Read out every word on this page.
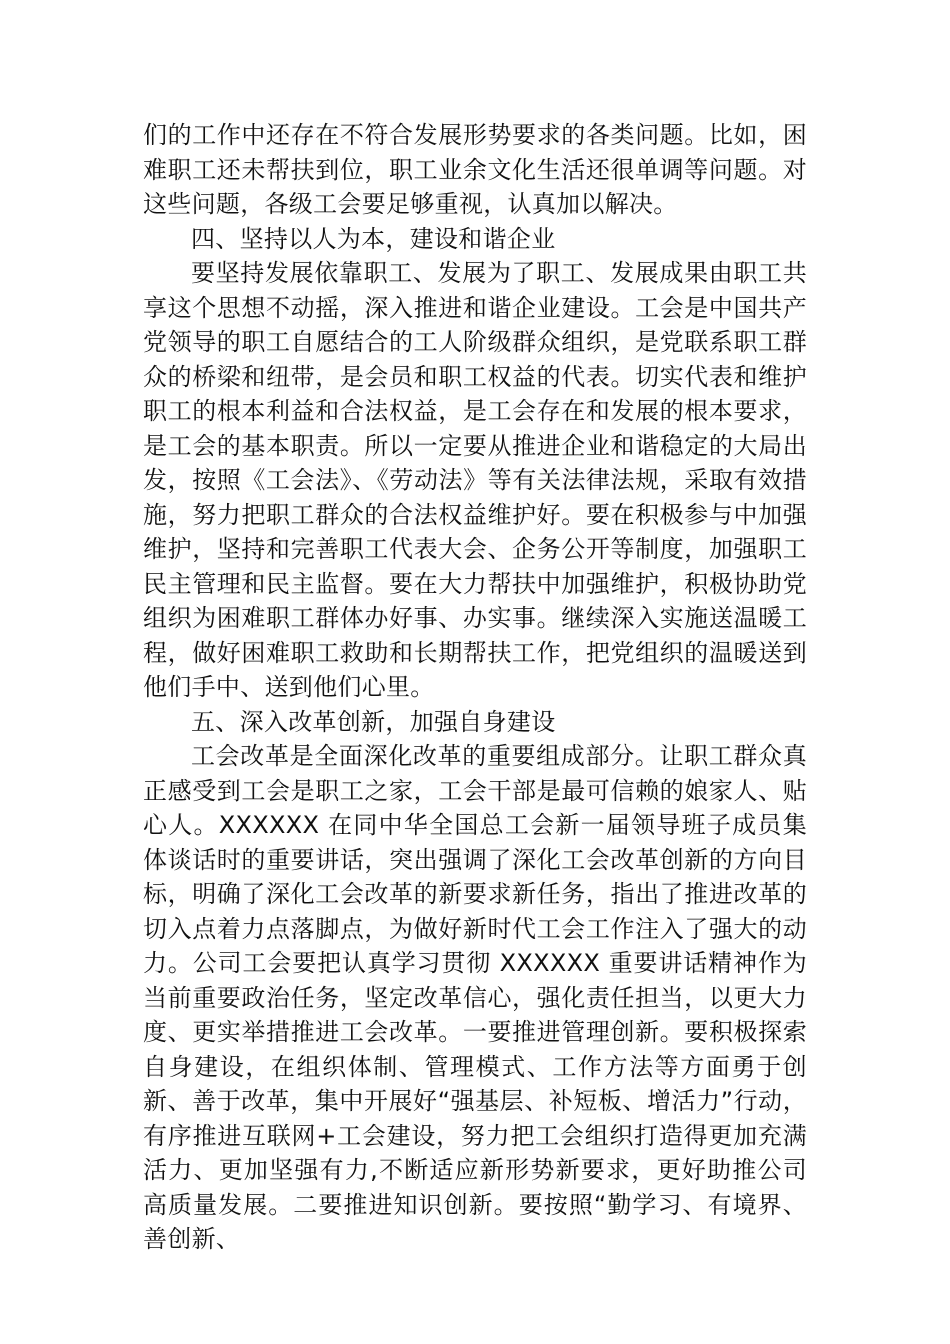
们的工作中还存在不符合发展形势要求的各类问题。比如，困难职工还未帮扶到位，职工业余文化生活还很单调等问题。对这些问题，各级工会要足够重视，认真加以解决。

四、坚持以人为本，建设和谐企业

要坚持发展依靠职工、发展为了职工、发展成果由职工共享这个思想不动摇，深入推进和谐企业建设。工会是中国共产党领导的职工自愿结合的工人阶级群众组织，是党联系职工群众的桥梁和纽带，是会员和职工权益的代表。切实代表和维护职工的根本利益和合法权益，是工会存在和发展的根本要求，是工会的基本职责。所以一定要从推进企业和谐稳定的大局出发，按照《工会法》、《劳动法》等有关法律法规，采取有效措施，努力把职工群众的合法权益维护好。要在积极参与中加强维护，坚持和完善职工代表大会、企务公开等制度，加强职工民主管理和民主监督。要在大力帮扶中加强维护，积极协助党组织为困难职工群体办好事、办实事。继续深入实施送温暖工程，做好困难职工救助和长期帮扶工作，把党组织的温暖送到他们手中、送到他们心里。

五、深入改革创新，加强自身建设

工会改革是全面深化改革的重要组成部分。让职工群众真正感受到工会是职工之家，工会干部是最可信赖的娘家人、贴心人。XXXXXX 在同中华全国总工会新一届领导班子成员集体谈话时的重要讲话，突出强调了深化工会改革创新的方向目标，明确了深化工会改革的新要求新任务，指出了推进改革的切入点着力点落脚点，为做好新时代工会工作注入了强大的动力。公司工会要把认真学习贯彻 XXXXXX 重要讲话精神作为当前重要政治任务，坚定改革信心，强化责任担当，以更大力度、更实举措推进工会改革。一要推进管理创新。要积极探索自身建设，在组织体制、管理模式、工作方法等方面勇于创新、善于改革，集中开展好“强基层、补短板、增活力”行动，有序推进互联网+工会建设，努力把工会组织打造得更加充满活力、更加坚强有力,不断适应新形势新要求，更好助推公司高质量发展。二要推进知识创新。要按照“勤学习、有境界、善创新、
